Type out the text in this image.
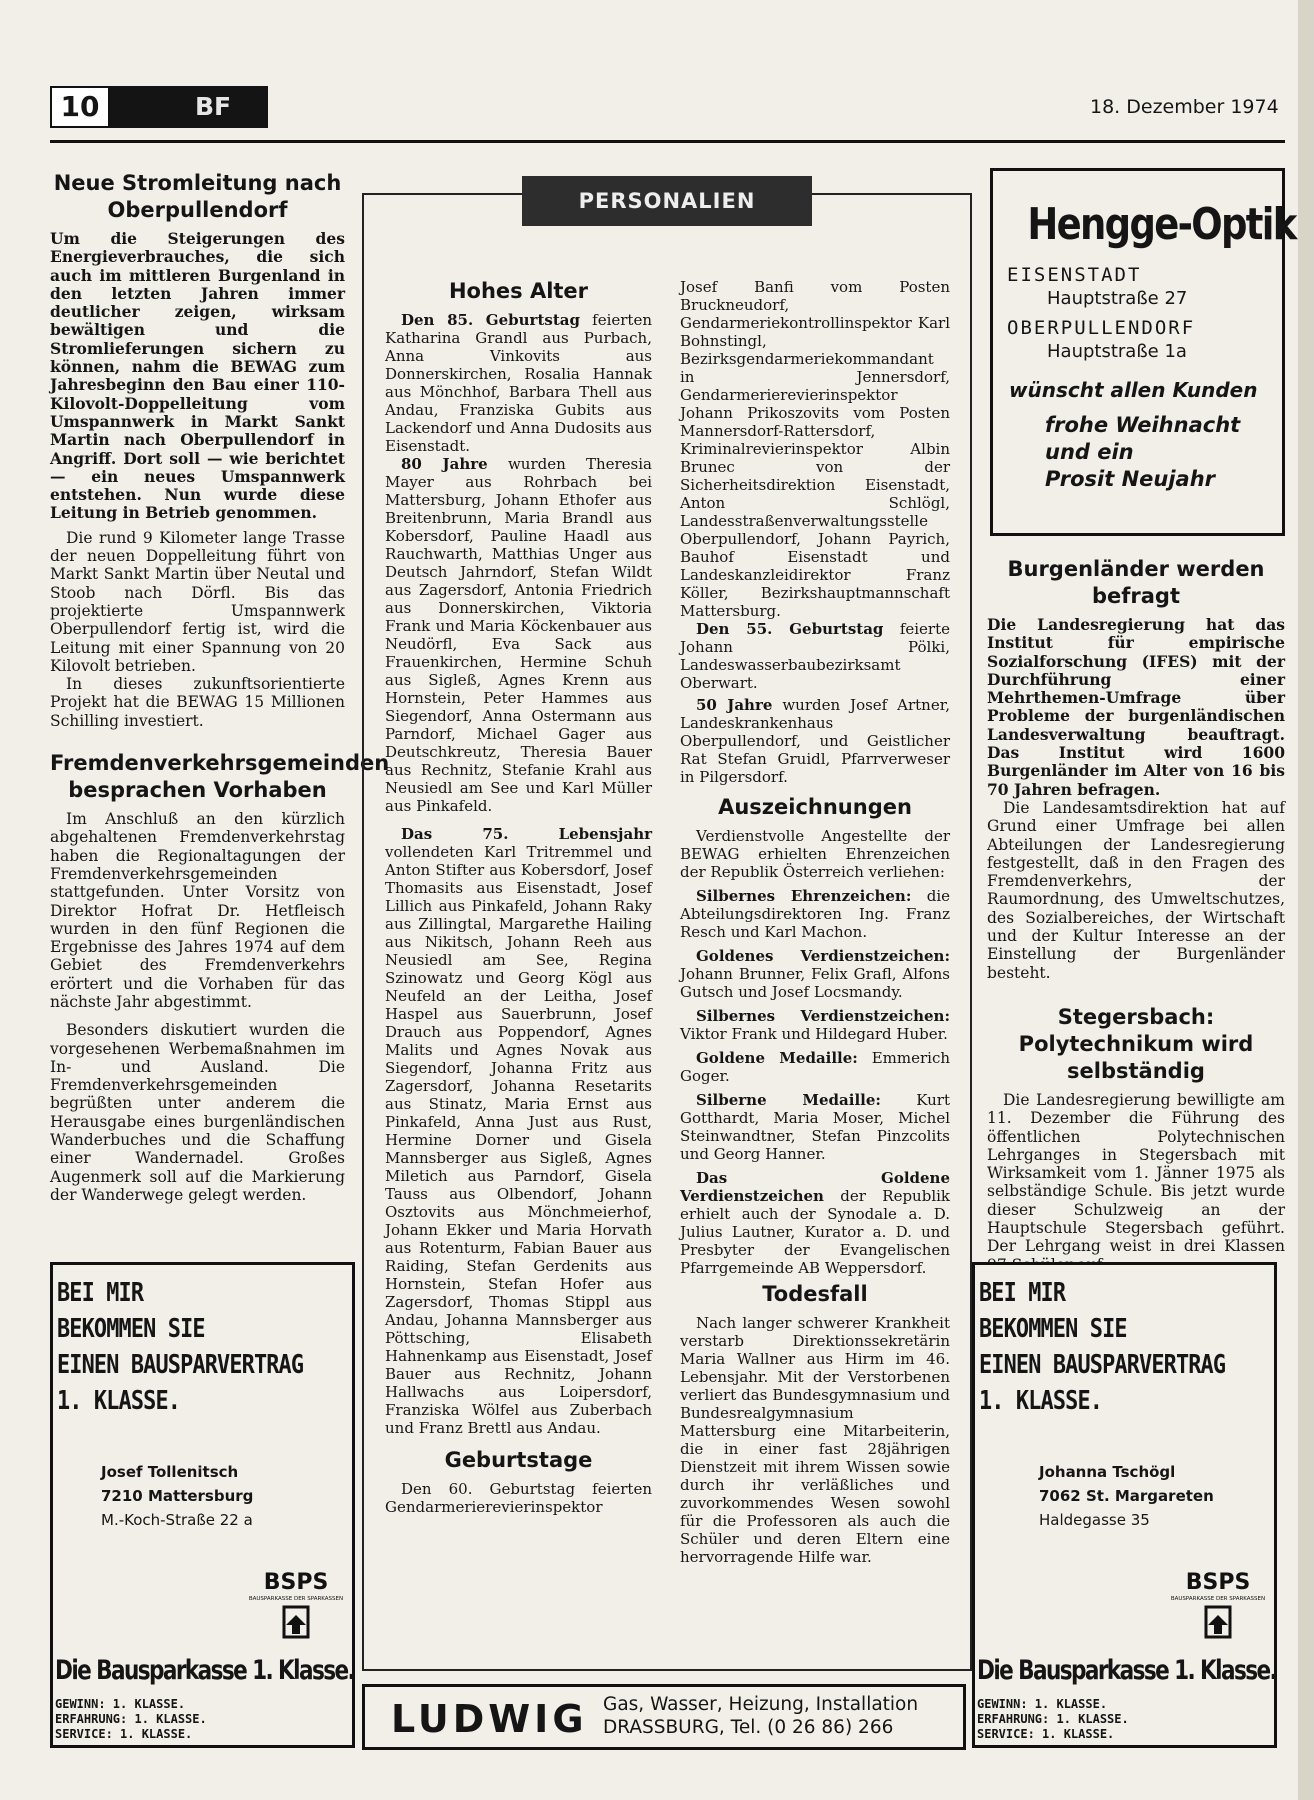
10	BF	18. Dezember 1974
Neue Stromleitung nach Oberpullendorf

Um die Steigerungen des Energieverbrauches, die sich auch im mittleren Burgenland in den letzten Jahren immer deutlicher zeigen, wirksam bewältigen und die Stromlieferungen sichern zu können, nahm die BEWAG zum Jahresbeginn den Bau einer 110-Kilovolt-Doppelleitung vom Umspannwerk in Markt Sankt Martin nach Oberpullendorf in Angriff. Dort soll — wie berichtet — ein neues Umspannwerk entstehen. Nun wurde diese Leitung in Betrieb genommen.

Die rund 9 Kilometer lange Trasse der neuen Doppelleitung führt von Markt Sankt Martin über Neutal und Stoob nach Dörfl. Bis das projektierte Umspannwerk Oberpullendorf fertig ist, wird die Leitung mit einer Spannung von 20 Kilovolt betrieben.

In dieses zukunftsorientierte Projekt hat die BEWAG 15 Millionen Schilling investiert.

Fremdenverkehrsgemeinden besprachen Vorhaben

Im Anschluß an den kürzlich abgehaltenen Fremdenverkehrstag haben die Regionaltagungen der Fremdenverkehrsgemeinden stattgefunden. Unter Vorsitz von Direktor Hofrat Dr. Hetfleisch wurden in den fünf Regionen die Ergebnisse des Jahres 1974 auf dem Gebiet des Fremdenverkehrs erörtert und die Vorhaben für das nächste Jahr abgestimmt.

Besonders diskutiert wurden die vorgesehenen Werbemaßnahmen im In- und Ausland. Die Fremdenverkehrsgemeinden begrüßten unter anderem die Herausgabe eines burgenländischen Wanderbuches und die Schaffung einer Wandernadel. Großes Augenmerk soll auf die Markierung der Wanderwege gelegt werden.

PERSONALIEN
Hohes Alter

Den 85. Geburtstag feierten Katharina Grandl aus Purbach, Anna Vinkovits aus Donnerskirchen, Rosalia Hannak aus Mönchhof, Barbara Thell aus Andau, Franziska Gubits aus Lackendorf und Anna Dudosits aus Eisenstadt.

80 Jahre wurden Theresia Mayer aus Rohrbach bei Mattersburg, Johann Ethofer aus Breitenbrunn, Maria Brandl aus Kobersdorf, Pauline Haadl aus Rauchwarth, Matthias Unger aus Deutsch Jahrndorf, Stefan Wildt aus Zagersdorf, Antonia Friedrich aus Donnerskirchen, Viktoria Frank und Maria Köckenbauer aus Neudörfl, Eva Sack aus Frauenkirchen, Hermine Schuh aus Sigleß, Agnes Krenn aus Hornstein, Peter Hammes aus Siegendorf, Anna Ostermann aus Parndorf, Michael Gager aus Deutschkreutz, Theresia Bauer aus Rechnitz, Stefanie Krahl aus Neusiedl am See und Karl Müller aus Pinkafeld.

Das 75. Lebensjahr vollendeten Karl Tritremmel und Anton Stifter aus Kobersdorf, Josef Thomasits aus Eisenstadt, Josef Lillich aus Pinkafeld, Johann Raky aus Zillingtal, Margarethe Hailing aus Nikitsch, Johann Reeh aus Neusiedl am See, Regina Szinowatz und Georg Kögl aus Neufeld an der Leitha, Josef Haspel aus Sauerbrunn, Josef Drauch aus Poppendorf, Agnes Malits und Agnes Novak aus Siegendorf, Johanna Fritz aus Zagersdorf, Johanna Resetarits aus Stinatz, Maria Ernst aus Pinkafeld, Anna Just aus Rust, Hermine Dorner und Gisela Mannsberger aus Sigleß, Agnes Miletich aus Parndorf, Gisela Tauss aus Olbendorf, Johann Osztovits aus Mönchmeierhof, Johann Ekker und Maria Horvath aus Rotenturm, Fabian Bauer aus Raiding, Stefan Gerdenits aus Hornstein, Stefan Hofer aus Zagersdorf, Thomas Stippl aus Andau, Johanna Mannsberger aus Pöttsching, Elisabeth Hahnenkamp aus Eisenstadt, Josef Bauer aus Rechnitz, Johann Hallwachs aus Loipersdorf, Franziska Wölfel aus Zuberbach und Franz Brettl aus Andau.

Geburtstage

Den 60. Geburtstag feierten Gendarmerierevierinspektor

Josef Banfi vom Posten Bruckneudorf, Gendarmeriekontrollinspektor Karl Bohnstingl, Bezirksgendarmeriekommandant in Jennersdorf, Gendarmerierevierinspektor Johann Prikoszovits vom Posten Mannersdorf-Rattersdorf, Kriminalrevierinspektor Albin Brunec von der Sicherheitsdirektion Eisenstadt, Anton Schlögl, Landesstraßenverwaltungsstelle Oberpullendorf, Johann Payrich, Bauhof Eisenstadt und Landeskanzleidirektor Franz Köller, Bezirkshauptmannschaft Mattersburg.

Den 55. Geburtstag feierte Johann Pölki, Landeswasserbaubezirksamt Oberwart.

50 Jahre wurden Josef Artner, Landeskrankenhaus Oberpullendorf, und Geistlicher Rat Stefan Gruidl, Pfarrverweser in Pilgersdorf.

Auszeichnungen

Verdienstvolle Angestellte der BEWAG erhielten Ehrenzeichen der Republik Österreich verliehen:

Silbernes Ehrenzeichen: die Abteilungsdirektoren Ing. Franz Resch und Karl Machon.

Goldenes Verdienstzeichen: Johann Brunner, Felix Grafl, Alfons Gutsch und Josef Locsmandy.

Silbernes Verdienstzeichen: Viktor Frank und Hildegard Huber.

Goldene Medaille: Emmerich Goger.

Silberne Medaille: Kurt Gotthardt, Maria Moser, Michel Steinwandtner, Stefan Pinzcolits und Georg Hanner.

Das Goldene Verdienstzeichen der Republik erhielt auch der Synodale a. D. Julius Lautner, Kurator a. D. und Presbyter der Evangelischen Pfarrgemeinde AB Weppersdorf.

Todesfall

Nach langer schwerer Krankheit verstarb Direktionssekretärin Maria Wallner aus Hirm im 46. Lebensjahr. Mit der Verstorbenen verliert das Bundesgymnasium und Bundesrealgymnasium Mattersburg eine Mitarbeiterin, die in einer fast 28jährigen Dienstzeit mit ihrem Wissen sowie durch ihr verläßliches und zuvorkommendes Wesen sowohl für die Professoren als auch die Schüler und deren Eltern eine hervorragende Hilfe war.

Hengge-Optik
EISENSTADT
Hauptstraße 27
OBERPULLENDORF
Hauptstraße 1a
wünscht allen Kunden
frohe Weihnacht
und ein
Prosit Neujahr
Burgenländer werden befragt

Die Landesregierung hat das Institut für empirische Sozialforschung (IFES) mit der Durchführung einer Mehrthemen-Umfrage über Probleme der burgenländischen Landesverwaltung beauftragt. Das Institut wird 1600 Burgenländer im Alter von 16 bis 70 Jahren befragen.

Die Landesamtsdirektion hat auf Grund einer Umfrage bei allen Abteilungen der Landesregierung festgestellt, daß in den Fragen des Fremdenverkehrs, der Raumordnung, des Umweltschutzes, des Sozialbereiches, der Wirtschaft und der Kultur Interesse an der Einstellung der Burgenländer besteht.

Stegersbach: Polytechnikum wird selbständig

Die Landesregierung bewilligte am 11. Dezember die Führung des öffentlichen Polytechnischen Lehrganges in Stegersbach mit Wirksamkeit vom 1. Jänner 1975 als selbständige Schule. Bis jetzt wurde dieser Schulzweig an der Hauptschule Stegersbach geführt. Der Lehrgang weist in drei Klassen

BEI MIR
BEKOMMEN SIE
EINEN BAUSPARVERTRAG
1. KLASSE.
Josef Tollenitsch
7210 Mattersburg
M.-Koch-Straße 22 a
BSPS
BAUSPARKASSE DER SPARKASSEN
Die Bausparkasse 1. Klasse.
GEWINN: 1. KLASSE.
ERFAHRUNG: 1. KLASSE.
SERVICE: 1. KLASSE.
BEI MIR
BEKOMMEN SIE
EINEN BAUSPARVERTRAG
1. KLASSE.
Johanna Tschögl
7062 St. Margareten
Haldegasse 35
BSPS
BAUSPARKASSE DER SPARKASSEN
Die Bausparkasse 1. Klasse.
GEWINN: 1. KLASSE.
ERFAHRUNG: 1. KLASSE.
SERVICE: 1. KLASSE.
LUDWIG Gas, Wasser, Heizung, Installation
DRASSBURG, Tel. (0 26 86) 266
